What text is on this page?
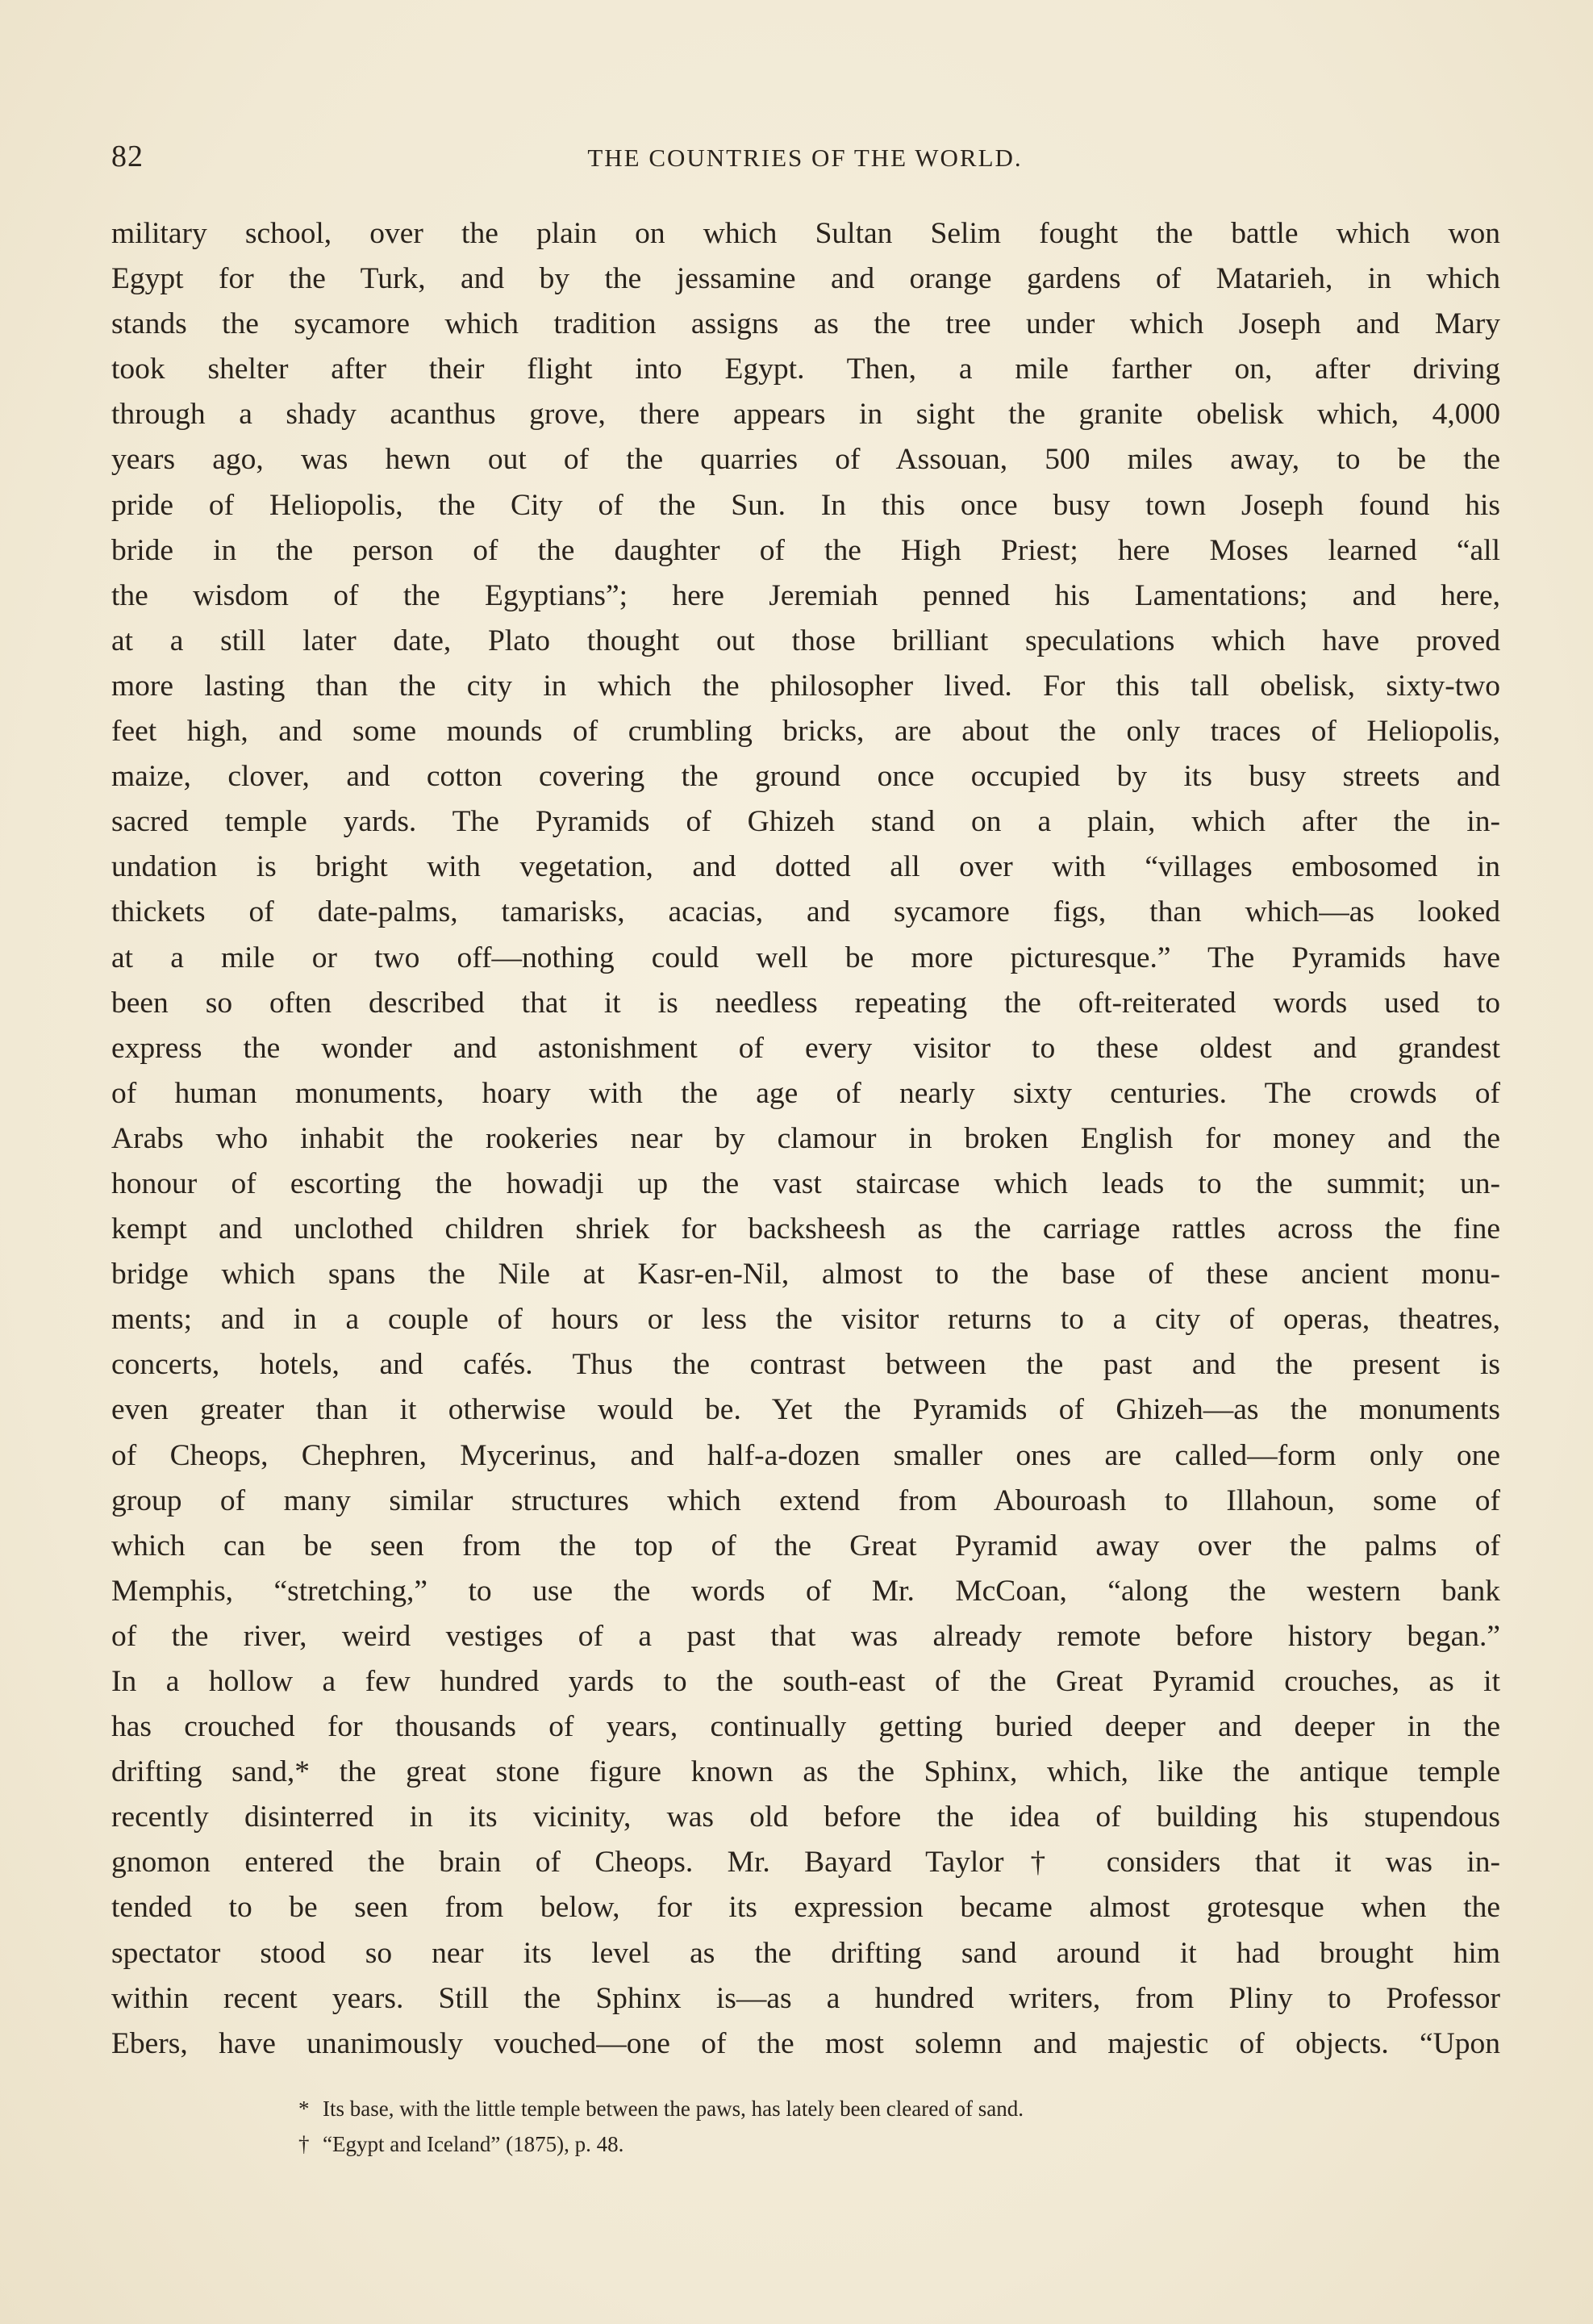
82	THE COUNTRIES OF THE WORLD.
military school, over the plain on which Sultan Selim fought the battle which won
Egypt for the Turk, and by the jessamine and orange gardens of Matarieh, in which
stands the sycamore which tradition assigns as the tree under which Joseph and Mary
took shelter after their flight into Egypt. Then, a mile farther on, after driving
through a shady acanthus grove, there appears in sight the granite obelisk which, 4,000
years ago, was hewn out of the quarries of Assouan, 500 miles away, to be the
pride of Heliopolis, the City of the Sun. In this once busy town Joseph found his
bride in the person of the daughter of the High Priest; here Moses learned “all
the wisdom of the Egyptians”; here Jeremiah penned his Lamentations; and here,
at a still later date, Plato thought out those brilliant speculations which have proved
more lasting than the city in which the philosopher lived. For this tall obelisk, sixty-two
feet high, and some mounds of crumbling bricks, are about the only traces of Heliopolis,
maize, clover, and cotton covering the ground once occupied by its busy streets and
sacred temple yards. The Pyramids of Ghizeh stand on a plain, which after the in-
undation is bright with vegetation, and dotted all over with “villages embosomed in
thickets of date-palms, tamarisks, acacias, and sycamore figs, than which—as looked
at a mile or two off—nothing could well be more picturesque.” The Pyramids have
been so often described that it is needless repeating the oft-reiterated words used to
express the wonder and astonishment of every visitor to these oldest and grandest
of human monuments, hoary with the age of nearly sixty centuries. The crowds of
Arabs who inhabit the rookeries near by clamour in broken English for money and the
honour of escorting the howadji up the vast staircase which leads to the summit; un-
kempt and unclothed children shriek for backsheesh as the carriage rattles across the fine
bridge which spans the Nile at Kasr-en-Nil, almost to the base of these ancient monu-
ments; and in a couple of hours or less the visitor returns to a city of operas, theatres,
concerts, hotels, and cafés. Thus the contrast between the past and the present is
even greater than it otherwise would be. Yet the Pyramids of Ghizeh—as the monuments
of Cheops, Chephren, Mycerinus, and half-a-dozen smaller ones are called—form only one
group of many similar structures which extend from Abouroash to Illahoun, some of
which can be seen from the top of the Great Pyramid away over the palms of
Memphis, “stretching,” to use the words of Mr. McCoan, “along the western bank
of the river, weird vestiges of a past that was already remote before history began.”
In a hollow a few hundred yards to the south-east of the Great Pyramid crouches, as it
has crouched for thousands of years, continually getting buried deeper and deeper in the
drifting sand,* the great stone figure known as the Sphinx, which, like the antique temple
recently disinterred in its vicinity, was old before the idea of building his stupendous
gnomon entered the brain of Cheops. Mr. Bayard Taylor† considers that it was in-
tended to be seen from below, for its expression became almost grotesque when the
spectator stood so near its level as the drifting sand around it had brought him
within recent years. Still the Sphinx is—as a hundred writers, from Pliny to Professor
Ebers, have unanimously vouched—one of the most solemn and majestic of objects. “Upon
* Its base, with the little temple between the paws, has lately been cleared of sand.
† “Egypt and Iceland” (1875), p. 48.
